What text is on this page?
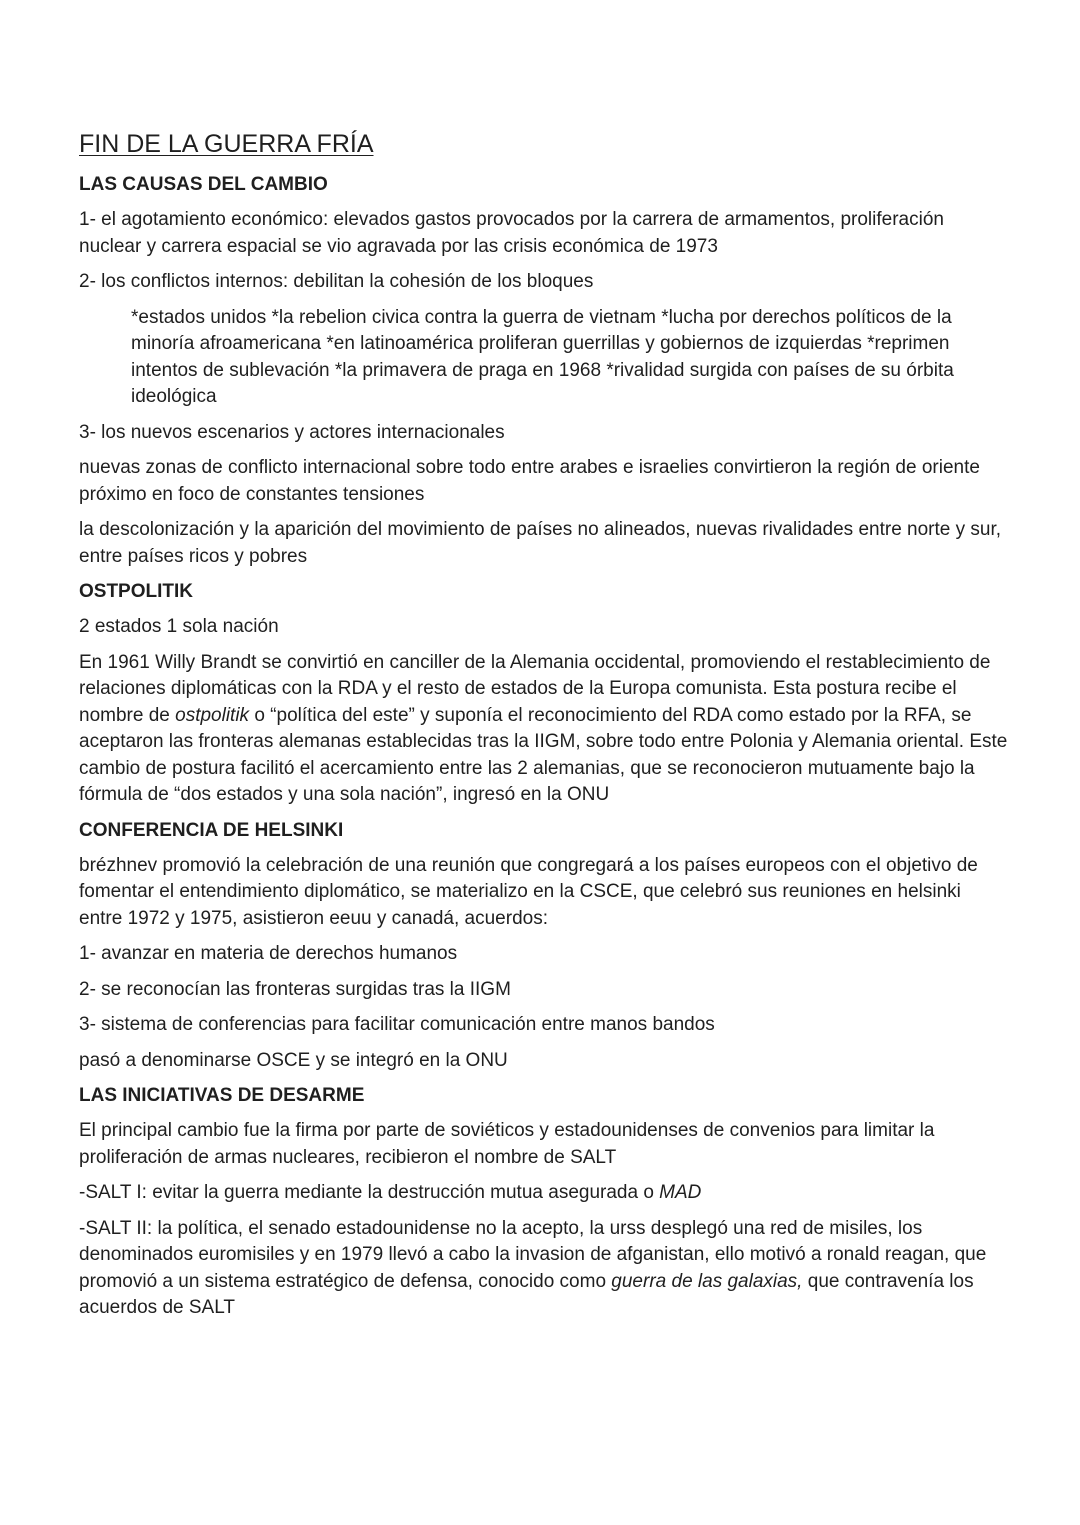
FIN DE LA GUERRA FRÍA
LAS CAUSAS DEL CAMBIO
1- el agotamiento económico: elevados gastos provocados por la carrera de armamentos, proliferación nuclear y carrera espacial se vio agravada por las crisis económica de 1973
2- los conflictos internos: debilitan la cohesión de los bloques
*estados unidos *la rebelion civica contra la guerra de vietnam *lucha por derechos políticos de la minoría afroamericana *en latinoamérica proliferan guerrillas y gobiernos de izquierdas *reprimen intentos de sublevación *la primavera de praga en 1968 *rivalidad surgida con países de su órbita ideológica
3- los nuevos escenarios y actores internacionales
nuevas zonas de conflicto internacional sobre todo entre arabes e israelies convirtieron la región de oriente próximo en foco de constantes tensiones
la descolonización y la aparición del movimiento de países no alineados, nuevas rivalidades entre norte y sur, entre países ricos y pobres
OSTPOLITIK
2 estados 1 sola nación
En 1961 Willy Brandt se convirtió en canciller de la Alemania occidental, promoviendo el restablecimiento de relaciones diplomáticas con la RDA y el resto de estados de la Europa comunista. Esta postura recibe el nombre de ostpolitik o “política del este” y suponía el reconocimiento del RDA como estado por la RFA, se aceptaron las fronteras alemanas establecidas tras la IIGM, sobre todo entre Polonia y Alemania oriental. Este cambio de postura facilitó el acercamiento entre las 2 alemanias, que se reconocieron mutuamente bajo la fórmula de “dos estados y una sola nación”, ingresó en la ONU
CONFERENCIA DE HELSINKI
brézhnev promovió la celebración de una reunión que congregará a los países europeos con el objetivo de fomentar el entendimiento diplomático, se materializo en la CSCE, que celebró sus reuniones en helsinki entre 1972 y 1975, asistieron eeuu y canadá, acuerdos:
1- avanzar en materia de derechos humanos
2- se reconocían las fronteras surgidas tras la IIGM
3- sistema de conferencias para facilitar comunicación entre manos bandos
pasó a denominarse OSCE y se integró en la ONU
LAS INICIATIVAS DE DESARME
El principal cambio fue la firma por parte de soviéticos y estadounidenses de convenios para limitar la proliferación de armas nucleares, recibieron el nombre de SALT
-SALT I: evitar la guerra mediante la destrucción mutua asegurada o MAD
-SALT II: la política, el senado estadounidense no la acepto, la urss desplegó una red de misiles, los denominados euromisiles y en 1979 llevó a cabo la invasion de afganistan, ello motivó a ronald reagan, que promovió a un sistema estratégico de defensa, conocido como guerra de las galaxias, que contravenía los acuerdos de SALT
